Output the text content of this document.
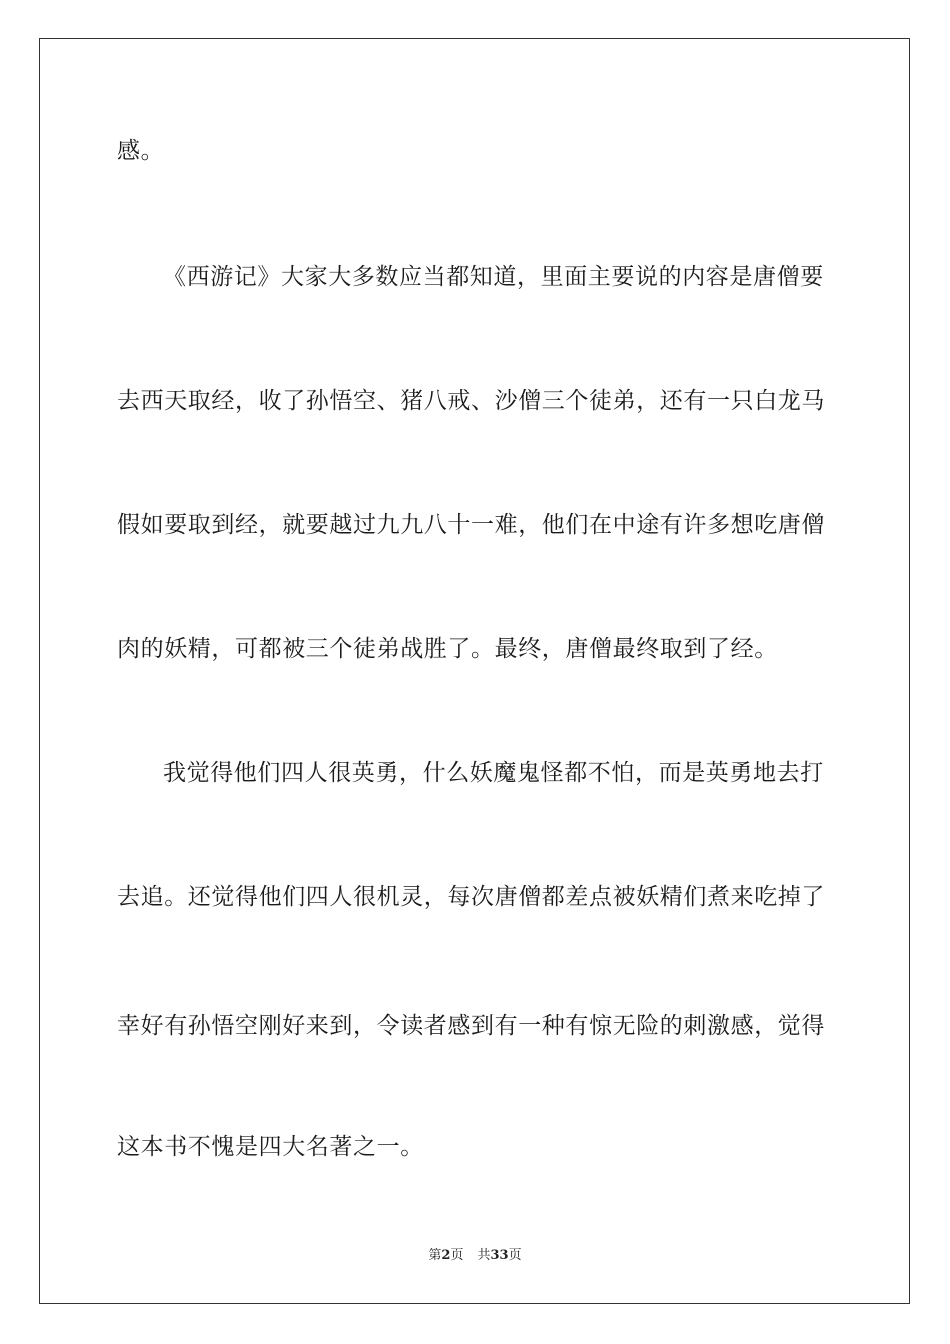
感。
《西游记》大家大多数应当都知道，里面主要说的内容是唐僧要
去西天取经，收了孙悟空、猪八戒、沙僧三个徒弟，还有一只白龙马
假如要取到经，就要越过九九八十一难，他们在中途有许多想吃唐僧
肉的妖精，可都被三个徒弟战胜了。最终，唐僧最终取到了经。
我觉得他们四人很英勇，什么妖魔鬼怪都不怕，而是英勇地去打
去追。还觉得他们四人很机灵，每次唐僧都差点被妖精们煮来吃掉了
幸好有孙悟空刚好来到，令读者感到有一种有惊无险的刺激感，觉得
这本书不愧是四大名著之一。
第2页 共33页
